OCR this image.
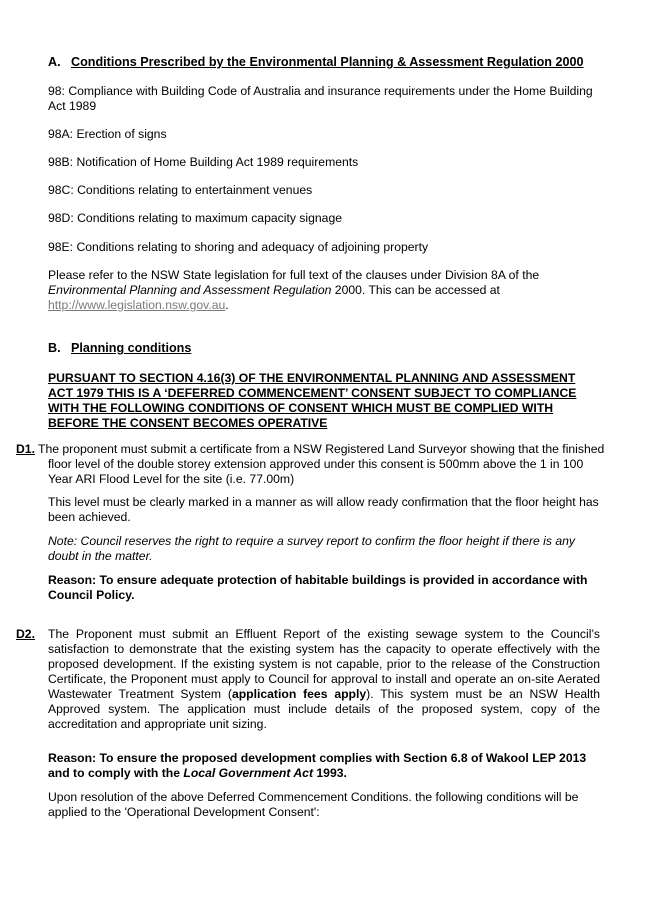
A. Conditions Prescribed by the Environmental Planning & Assessment Regulation 2000

98: Compliance with Building Code of Australia and insurance requirements under the Home Building Act 1989

98A: Erection of signs

98B: Notification of Home Building Act 1989 requirements

98C: Conditions relating to entertainment venues

98D: Conditions relating to maximum capacity signage

98E: Conditions relating to shoring and adequacy of adjoining property

Please refer to the NSW State legislation for full text of the clauses under Division 8A of the Environmental Planning and Assessment Regulation 2000. This can be accessed at
http://www.legislation.nsw.gov.au.

B. Planning conditions

PURSUANT TO SECTION 4.16(3) OF THE ENVIRONMENTAL PLANNING AND ASSESSMENT ACT 1979 THIS IS A ‘DEFERRED COMMENCEMENT’ CONSENT SUBJECT TO COMPLIANCE WITH THE FOLLOWING CONDITIONS OF CONSENT WHICH MUST BE COMPLIED WITH BEFORE THE CONSENT BECOMES OPERATIVE

D1. The proponent must submit a certificate from a NSW Registered Land Surveyor showing that the finished

floor level of the double storey extension approved under this consent is 500mm above the 1 in 100 Year ARI Flood Level for the site (i.e. 77.00m)

This level must be clearly marked in a manner as will allow ready confirmation that the floor height has been achieved.

Note: Council reserves the right to require a survey report to confirm the floor height if there is any doubt in the matter.

Reason: To ensure adequate protection of habitable buildings is provided in accordance with Council Policy.

D2. The Proponent must submit an Effluent Report of the existing sewage system to the Council’s satisfaction to demonstrate that the existing system has the capacity to operate effectively with the proposed development. If the existing system is not capable, prior to the release of the Construction Certificate, the Proponent must apply to Council for approval to install and operate an on-site Aerated Wastewater Treatment System (application fees apply). This system must be an NSW Health Approved system. The application must include details of the proposed system, copy of the accreditation and appropriate unit sizing.

Reason: To ensure the proposed development complies with Section 6.8 of Wakool LEP 2013 and to comply with the Local Government Act 1993.

Upon resolution of the above Deferred Commencement Conditions. the following conditions will be applied to the 'Operational Development Consent':
